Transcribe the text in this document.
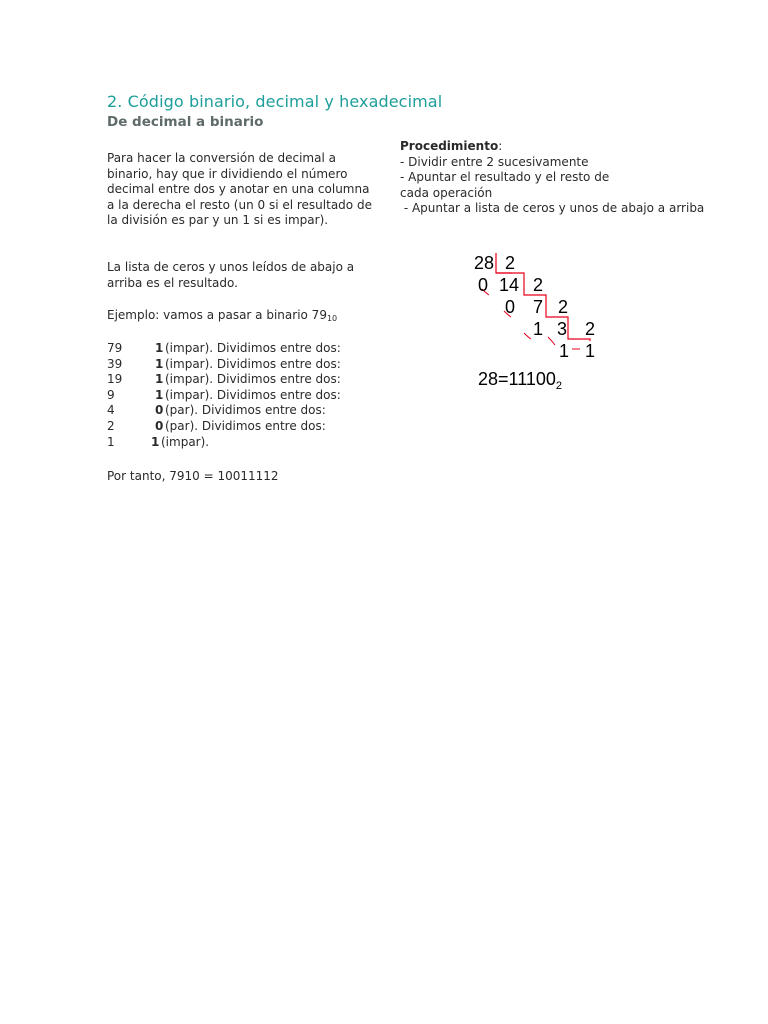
2. Código binario, decimal y hexadecimal
De decimal a binario
Para hacer la conversión de decimal a binario, hay que ir dividiendo el número decimal entre dos y anotar en una columna a la derecha el resto (un 0 si el resultado de la división es par y un 1 si es impar).
La lista de ceros y unos leídos de abajo a arriba es el resultado.
Ejemplo: vamos a pasar a binario $79_{10}$
79	1 (impar). Dividimos entre dos:
39	1 (impar). Dividimos entre dos:
19	1 (impar). Dividimos entre dos:
9	1 (impar). Dividimos entre dos:
4	0 (par). Dividimos entre dos:
2	0 (par). Dividimos entre dos:
1	1 (impar).
Por tanto, 7910 = 10011112
Procedimiento:
- Dividir entre 2 sucesivamente
- Apuntar el resultado y el resto de cada operación
- Apuntar a lista de ceros y unos de abajo a arriba
28 2
0 14 2
0 7 2
1 3 2
1 1
$28=11100_2$
